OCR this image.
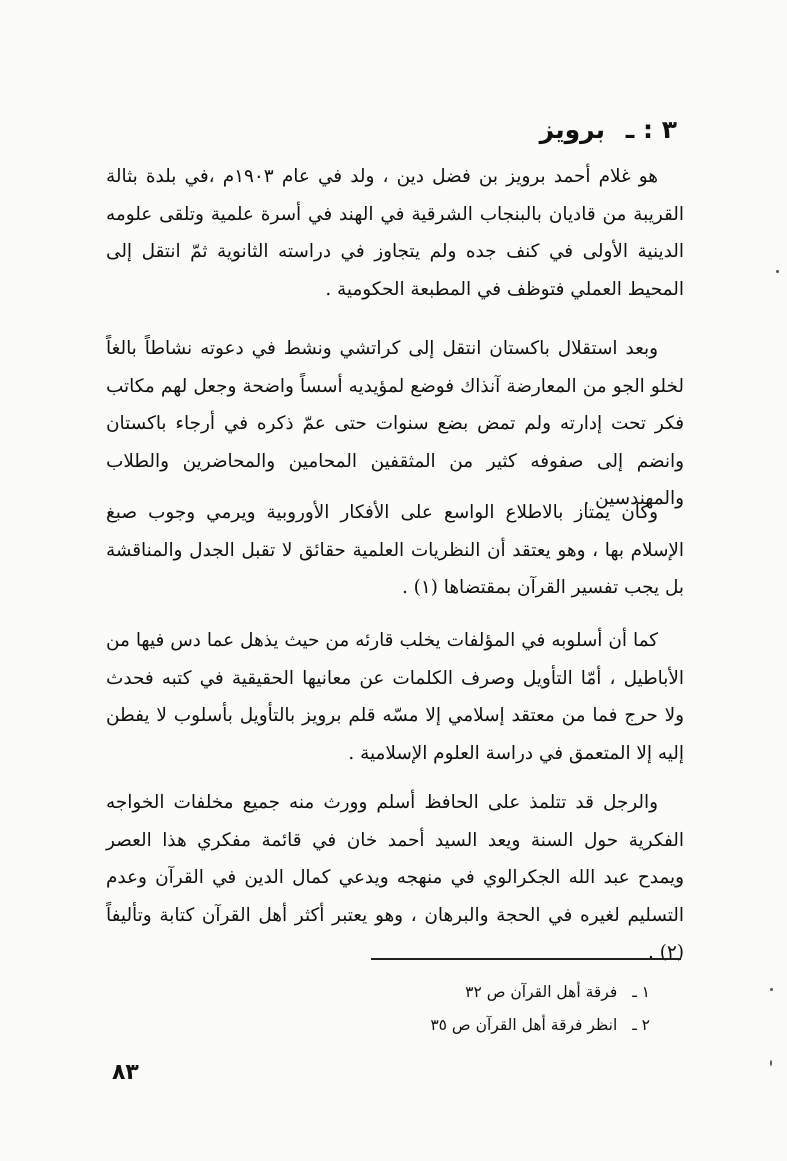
٣ : ـ برويز

هو غلام أحمد برويز بن فضل دين ، ولد في عام ١٩٠٣م ،في بلدة بثالة القريبة من قاديان بالبنجاب الشرقية في الهند في أسرة علمية وتلقى علومه الدينية الأولى في كنف جده ولم يتجاوز في دراسته الثانوية ثمّ انتقل إلى المحيط العملي فتوظف في المطبعة الحكومية .

وبعد استقلال باكستان انتقل إلى كراتشي ونشط في دعوته نشاطاً بالغاً لخلو الجو من المعارضة آنذاك فوضع لمؤيديه أسساً واضحة وجعل لهم مكاتب فكر تحت إدارته ولم تمض بضع سنوات حتى عمّ ذكره في أرجاء باكستان وانضم إلى صفوفه كثير من المثقفين المحامين والمحاضرين والطلاب والمهندسين .

وكان يمتاز بالاطلاع الواسع على الأفكار الأوروبية ويرمي وجوب صبغ الإسلام بها ، وهو يعتقد أن النظريات العلمية حقائق لا تقبل الجدل والمناقشة بل يجب تفسير القرآن بمقتضاها (١) .

كما أن أسلوبه في المؤلفات يخلب قارئه من حيث يذهل عما دس فيها من الأباطيل ، أمّا التأويل وصرف الكلمات عن معانيها الحقيقية في كتبه فحدث ولا حرج فما من معتقد إسلامي إلا مسّه قلم برويز بالتأويل بأسلوب لا يفطن إليه إلا المتعمق في دراسة العلوم الإسلامية .

والرجل قد تتلمذ على الحافظ أسلم وورث منه جميع مخلفات الخواجه الفكرية حول السنة ويعد السيد أحمد خان في قائمة مفكري هذا العصر ويمدح عبد الله الجكرالوي في منهجه ويدعي كمال الدين في القرآن وعدم التسليم لغيره في الحجة والبرهان ، وهو يعتبر أكثر أهل القرآن كتابة وتأليفاً (٢) .

١ ـ فرقة أهل القرآن ص ٣٢
٢ ـ انظر فرقة أهل القرآن ص ٣٥
٨٣
